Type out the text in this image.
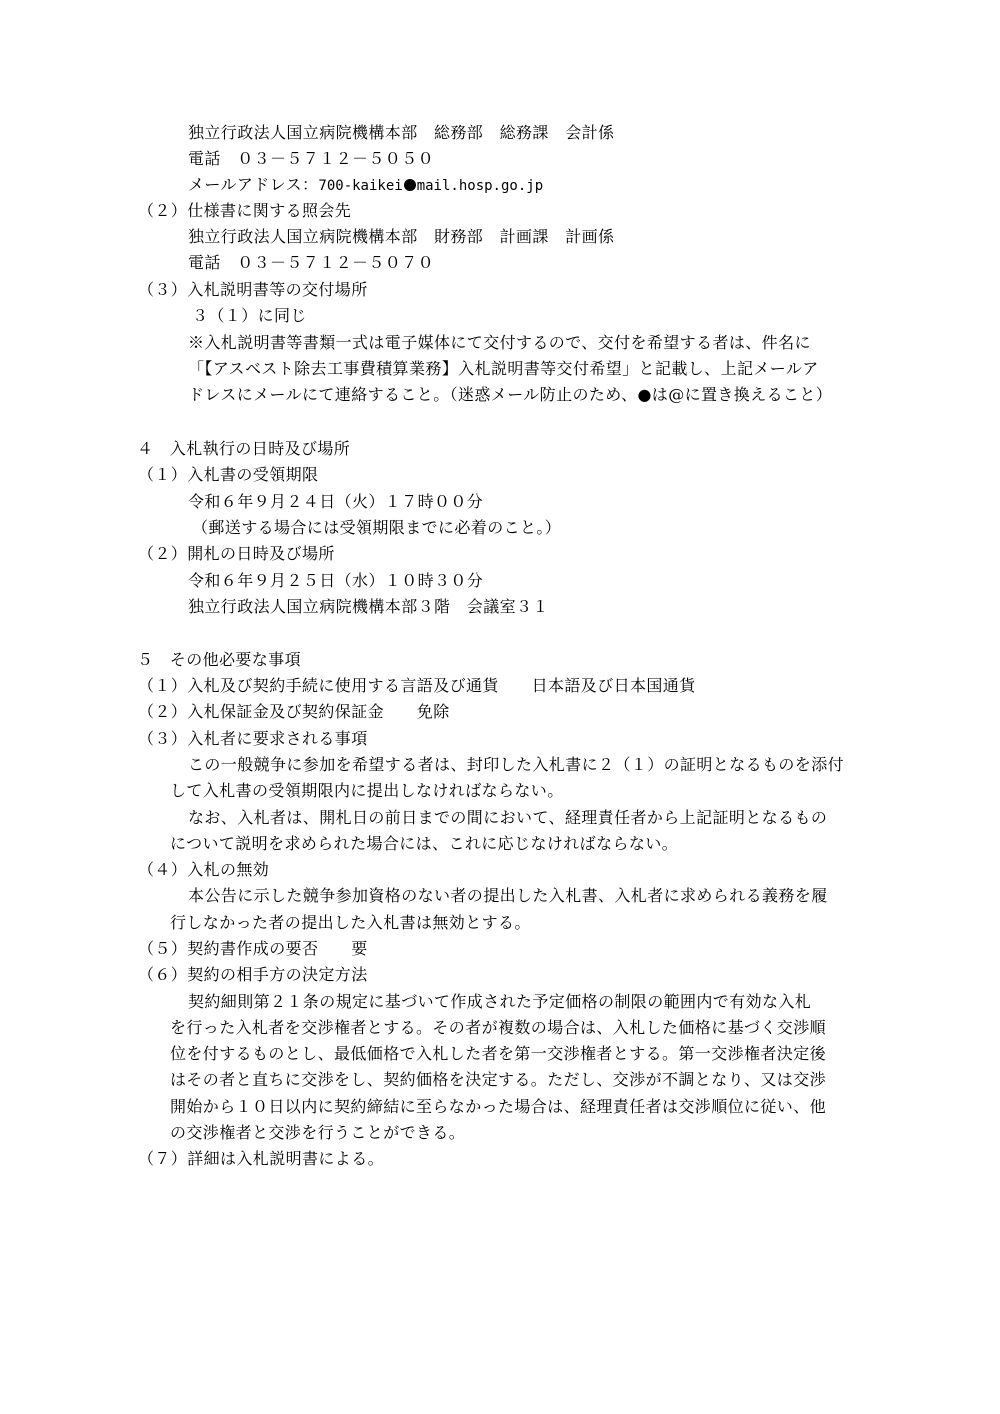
独立行政法人国立病院機構本部　総務部　総務課　会計係
電話　０３－５７１２－５０５０
メールアドレス：700-kaikei mail.hosp.go.jp
（２）仕様書に関する照会先
独立行政法人国立病院機構本部　財務部　計画課　計画係
電話　０３－５７１２－５０７０
（３）入札説明書等の交付場所
３（１）に同じ
※入札説明書等書類一式は電子媒体にて交付するので、交付を希望する者は、件名に
「【アスベスト除去工事費積算業務】入札説明書等交付希望」と記載し、上記メールア
ドレスにメールにて連絡すること。（迷惑メール防止のため、●は@に置き換えること）
４　入札執行の日時及び場所
（１）入札書の受領期限
令和６年９月２４日（火）１７時００分
（郵送する場合には受領期限までに必着のこと。）
（２）開札の日時及び場所
令和６年９月２５日（水）１０時３０分
独立行政法人国立病院機構本部３階　会議室３１
５　その他必要な事項
（１）入札及び契約手続に使用する言語及び通貨　　日本語及び日本国通貨
（２）入札保証金及び契約保証金　　免除
（３）入札者に要求される事項
この一般競争に参加を希望する者は、封印した入札書に２（１）の証明となるものを添付
して入札書の受領期限内に提出しなければならない。
なお、入札者は、開札日の前日までの間において、経理責任者から上記証明となるもの
について説明を求められた場合には、これに応じなければならない。
（４）入札の無効
本公告に示した競争参加資格のない者の提出した入札書、入札者に求められる義務を履
行しなかった者の提出した入札書は無効とする。
（５）契約書作成の要否　　要
（６）契約の相手方の決定方法
契約細則第２１条の規定に基づいて作成された予定価格の制限の範囲内で有効な入札
を行った入札者を交渉権者とする。その者が複数の場合は、入札した価格に基づく交渉順
位を付するものとし、最低価格で入札した者を第一交渉権者とする。第一交渉権者決定後
はその者と直ちに交渉をし、契約価格を決定する。ただし、交渉が不調となり、又は交渉
開始から１０日以内に契約締結に至らなかった場合は、経理責任者は交渉順位に従い、他
の交渉権者と交渉を行うことができる。
（７）詳細は入札説明書による。
